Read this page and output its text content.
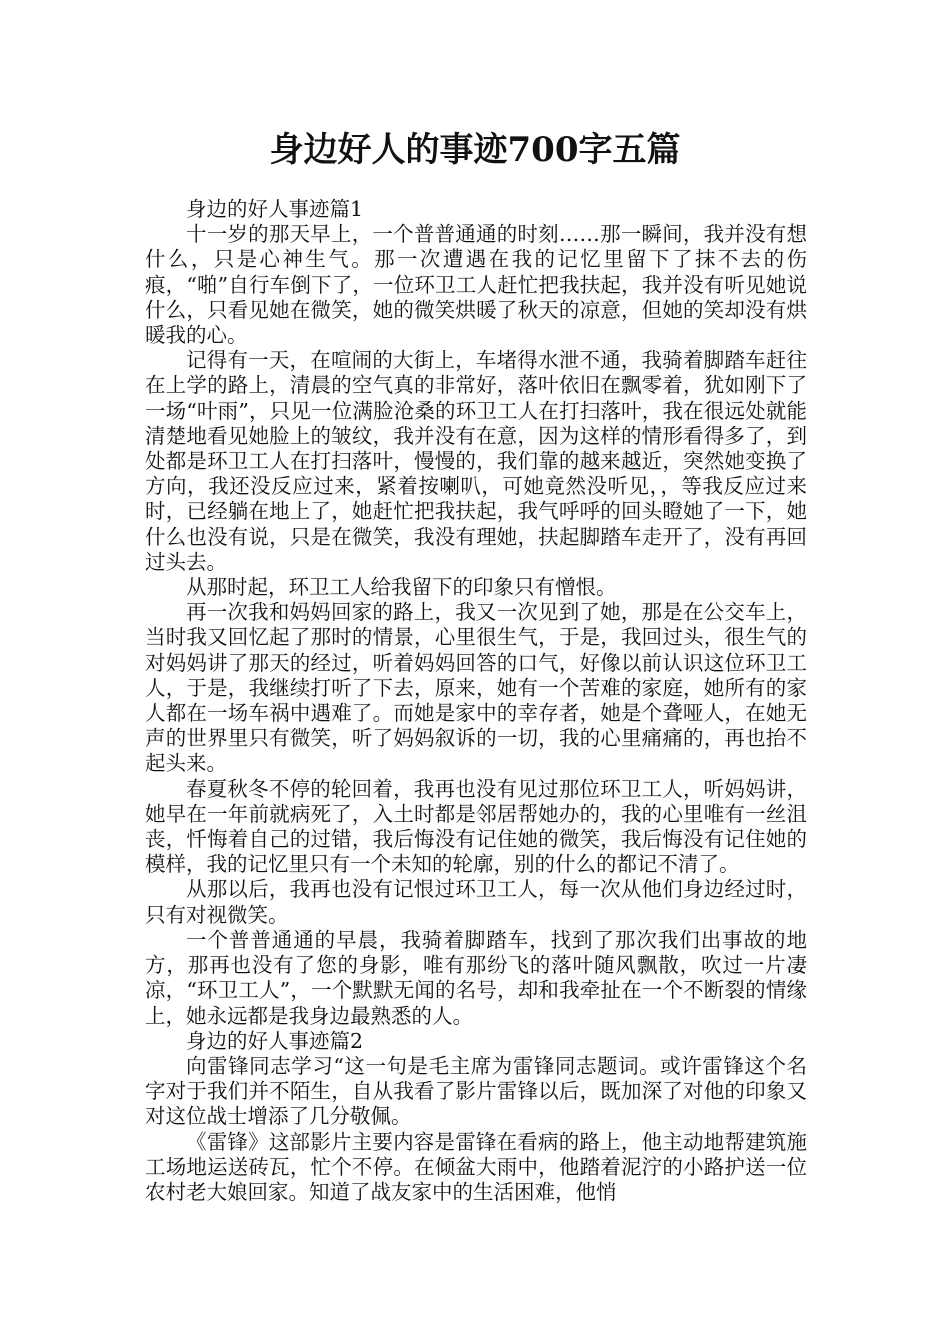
身边好人的事迹700字五篇

身边的好人事迹篇1

十一岁的那天早上，一个普普通通的时刻……那一瞬间，我并没有想什么，只是心神生气。那一次遭遇在我的记忆里留下了抹不去的伤痕，“啪”自行车倒下了，一位环卫工人赶忙把我扶起，我并没有听见她说什么，只看见她在微笑，她的微笑烘暖了秋天的凉意，但她的笑却没有烘暖我的心。

记得有一天，在喧闹的大街上，车堵得水泄不通，我骑着脚踏车赶往在上学的路上，清晨的空气真的非常好，落叶依旧在飘零着，犹如刚下了一场“叶雨”，只见一位满脸沧桑的环卫工人在打扫落叶，我在很远处就能清楚地看见她脸上的皱纹，我并没有在意，因为这样的情形看得多了，到处都是环卫工人在打扫落叶，慢慢的，我们靠的越来越近，突然她变换了方向，我还没反应过来，紧着按喇叭，可她竟然没听见，，等我反应过来时，已经躺在地上了，她赶忙把我扶起，我气呼呼的回头瞪她了一下，她什么也没有说，只是在微笑，我没有理她，扶起脚踏车走开了，没有再回过头去。

从那时起，环卫工人给我留下的印象只有憎恨。

再一次我和妈妈回家的路上，我又一次见到了她，那是在公交车上，当时我又回忆起了那时的情景，心里很生气，于是，我回过头，很生气的对妈妈讲了那天的经过，听着妈妈回答的口气，好像以前认识这位环卫工人，于是，我继续打听了下去，原来，她有一个苦难的家庭，她所有的家人都在一场车祸中遇难了。而她是家中的幸存者，她是个聋哑人，在她无声的世界里只有微笑，听了妈妈叙诉的一切，我的心里痛痛的，再也抬不起头来。

春夏秋冬不停的轮回着，我再也没有见过那位环卫工人，听妈妈讲，她早在一年前就病死了，入土时都是邻居帮她办的，我的心里唯有一丝沮丧，忏悔着自己的过错，我后悔没有记住她的微笑，我后悔没有记住她的模样，我的记忆里只有一个未知的轮廓，别的什么的都记不清了。

从那以后，我再也没有记恨过环卫工人，每一次从他们身边经过时，只有对视微笑。

一个普普通通的早晨，我骑着脚踏车，找到了那次我们出事故的地方，那再也没有了您的身影，唯有那纷飞的落叶随风飘散，吹过一片凄凉，“环卫工人”，一个默默无闻的名号，却和我牵扯在一个不断裂的情缘上，她永远都是我身边最熟悉的人。

身边的好人事迹篇2

向雷锋同志学习“这一句是毛主席为雷锋同志题词。或许雷锋这个名字对于我们并不陌生，自从我看了影片雷锋以后，既加深了对他的印象又对这位战士增添了几分敬佩。

《雷锋》这部影片主要内容是雷锋在看病的路上，他主动地帮建筑施工场地运送砖瓦，忙个不停。在倾盆大雨中，他踏着泥泞的小路护送一位农村老大娘回家。知道了战友家中的生活困难，他悄
